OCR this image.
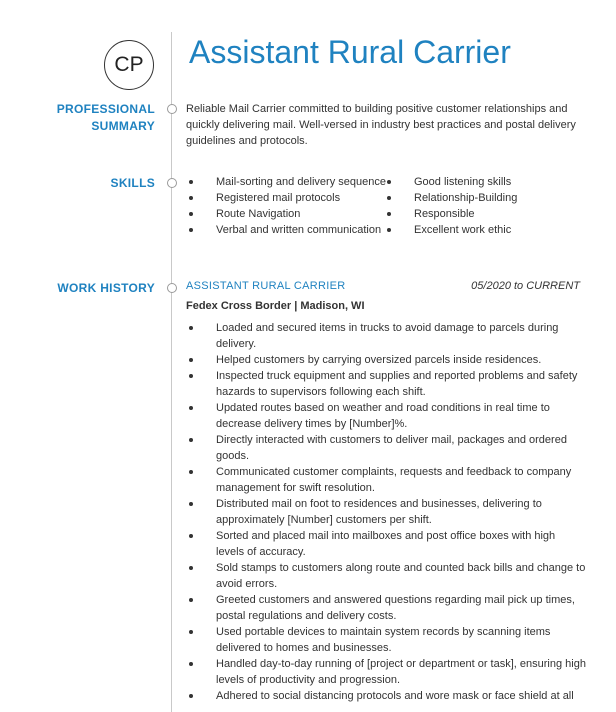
CP Assistant Rural Carrier
PROFESSIONAL
SUMMARY
Reliable Mail Carrier committed to building positive customer relationships and quickly delivering mail. Well-versed in industry best practices and postal delivery guidelines and protocols.
SKILLS	Mail-sorting and delivery sequence
Registered mail protocols
Route Navigation
Verbal and written communication
Good listening skills
Relationship-Building
Responsible
Excellent work ethic
WORK HISTORY	ASSISTANT RURAL CARRIER	05/2020 to CURRENT
Fedex Cross Border | Madison, WI
Loaded and secured items in trucks to avoid damage to parcels during delivery.
Helped customers by carrying oversized parcels inside residences.
Inspected truck equipment and supplies and reported problems and safety hazards to supervisors following each shift.
Updated routes based on weather and road conditions in real time to decrease delivery times by [Number]%.
Directly interacted with customers to deliver mail, packages and ordered goods.
Communicated customer complaints, requests and feedback to company management for swift resolution.
Distributed mail on foot to residences and businesses, delivering to approximately [Number] customers per shift.
Sorted and placed mail into mailboxes and post office boxes with high levels of accuracy.
Sold stamps to customers along route and counted back bills and change to avoid errors.
Greeted customers and answered questions regarding mail pick up times, postal regulations and delivery costs.
Used portable devices to maintain system records by scanning items delivered to homes and businesses.
Handled day-to-day running of [project or department or task], ensuring high levels of productivity and progression.
Adhered to social distancing protocols and wore mask or face shield at all
